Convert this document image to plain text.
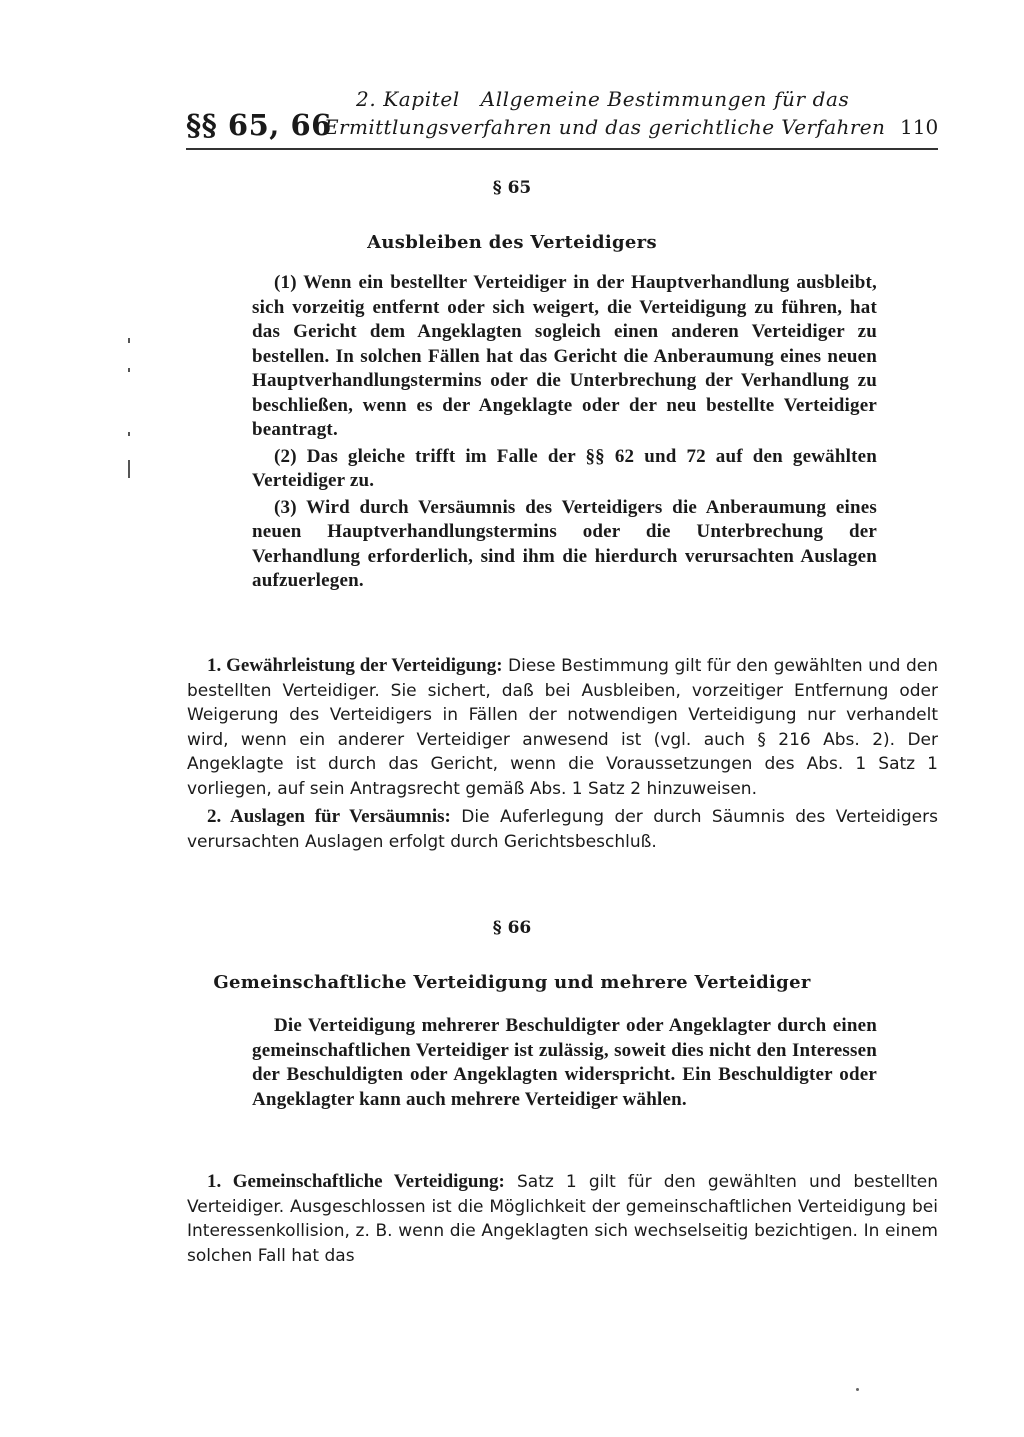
§§ 65, 66
2. Kapitel   Allgemeine Bestimmungen für das
Ermittlungsverfahren und das gerichtliche Verfahren 110
§ 65
Ausbleiben des Verteidigers

(1) Wenn ein bestellter Verteidiger in der Hauptverhandlung ausbleibt, sich vorzeitig entfernt oder sich weigert, die Verteidigung zu führen, hat das Gericht dem Angeklagten sogleich einen anderen Verteidiger zu bestellen. In solchen Fällen hat das Gericht die Anberaumung eines neuen Hauptverhandlungstermins oder die Unterbrechung der Verhandlung zu beschließen, wenn es der Angeklagte oder der neu bestellte Verteidiger beantragt.

(2) Das gleiche trifft im Falle der §§ 62 und 72 auf den gewählten Verteidiger zu.

(3) Wird durch Versäumnis des Verteidigers die Anberaumung eines neuen Hauptverhandlungstermins oder die Unterbrechung der Verhandlung erforderlich, sind ihm die hierdurch verursachten Auslagen aufzuerlegen.

1. Gewährleistung der Verteidigung: Diese Bestimmung gilt für den gewählten und den bestellten Verteidiger. Sie sichert, daß bei Ausbleiben, vorzeitiger Entfernung oder Weigerung des Verteidigers in Fällen der notwendigen Verteidigung nur verhandelt wird, wenn ein anderer Verteidiger anwesend ist (vgl. auch § 216 Abs. 2). Der Angeklagte ist durch das Gericht, wenn die Voraussetzungen des Abs. 1 Satz 1 vorliegen, auf sein Antragsrecht gemäß Abs. 1 Satz 2 hinzuweisen.

2. Auslagen für Versäumnis: Die Auferlegung der durch Säumnis des Verteidigers verursachten Auslagen erfolgt durch Gerichtsbeschluß.

§ 66
Gemeinschaftliche Verteidigung und mehrere Verteidiger

Die Verteidigung mehrerer Beschuldigter oder Angeklagter durch einen gemeinschaftlichen Verteidiger ist zulässig, soweit dies nicht den Interessen der Beschuldigten oder Angeklagten widerspricht. Ein Beschuldigter oder Angeklagter kann auch mehrere Verteidiger wählen.

1. Gemeinschaftliche Verteidigung: Satz 1 gilt für den gewählten und bestellten Verteidiger. Ausgeschlossen ist die Möglichkeit der gemeinschaftlichen Verteidigung bei Interessenkollision, z. B. wenn die Angeklagten sich wechselseitig bezichtigen. In einem solchen Fall hat das
